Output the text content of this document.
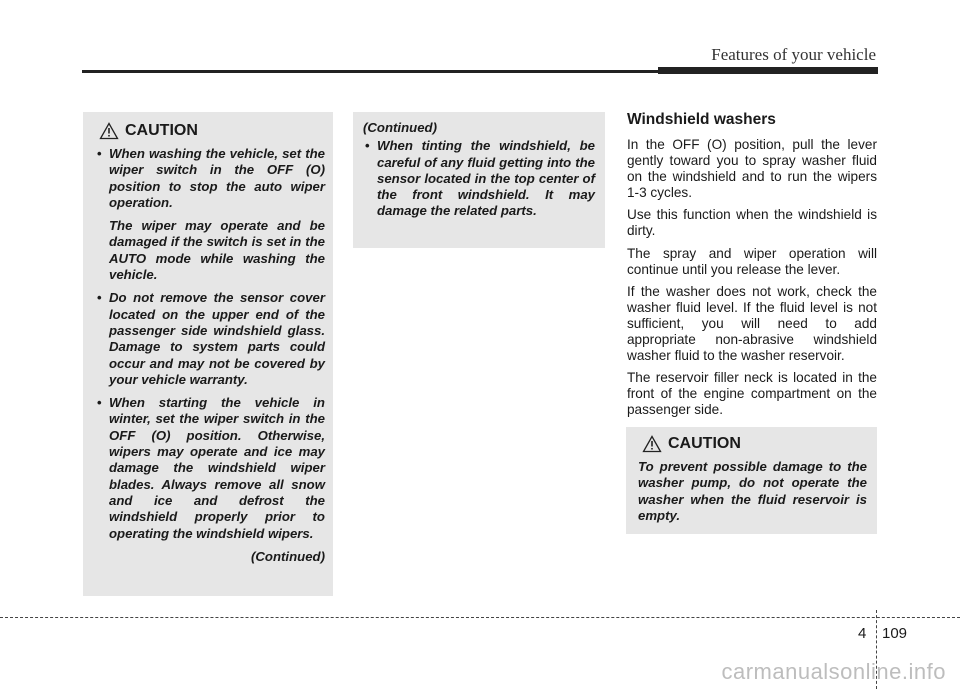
Features of your vehicle
CAUTION
• When washing the vehicle, set the wiper switch in the OFF (O) position to stop the auto wiper operation.
The wiper may operate and be damaged if the switch is set in the AUTO mode while washing the vehicle.
• Do not remove the sensor cover located on the upper end of the passenger side windshield glass. Damage to system parts could occur and may not be covered by your vehicle warranty.
• When starting the vehicle in winter, set the wiper switch in the OFF (O) position. Otherwise, wipers may operate and ice may damage the windshield wiper blades. Always remove all snow and ice and defrost the windshield properly prior to operating the windshield wipers.
(Continued)
(Continued)
• When tinting the windshield, be careful of any fluid getting into the sensor located in the top center of the front windshield. It may damage the related parts.
Windshield washers

In the OFF (O) position, pull the lever gently toward you to spray washer fluid on the windshield and to run the wipers 1-3 cycles.

Use this function when the windshield is dirty.

The spray and wiper operation will continue until you release the lever.

If the washer does not work, check the washer fluid level. If the fluid level is not sufficient, you will need to add appropriate non-abrasive windshield washer fluid to the washer reservoir.

The reservoir filler neck is located in the front of the engine compartment on the passenger side.

CAUTION
To prevent possible damage to the washer pump, do not operate the washer when the fluid reservoir is empty.
4 109
carmanualsonline.info
